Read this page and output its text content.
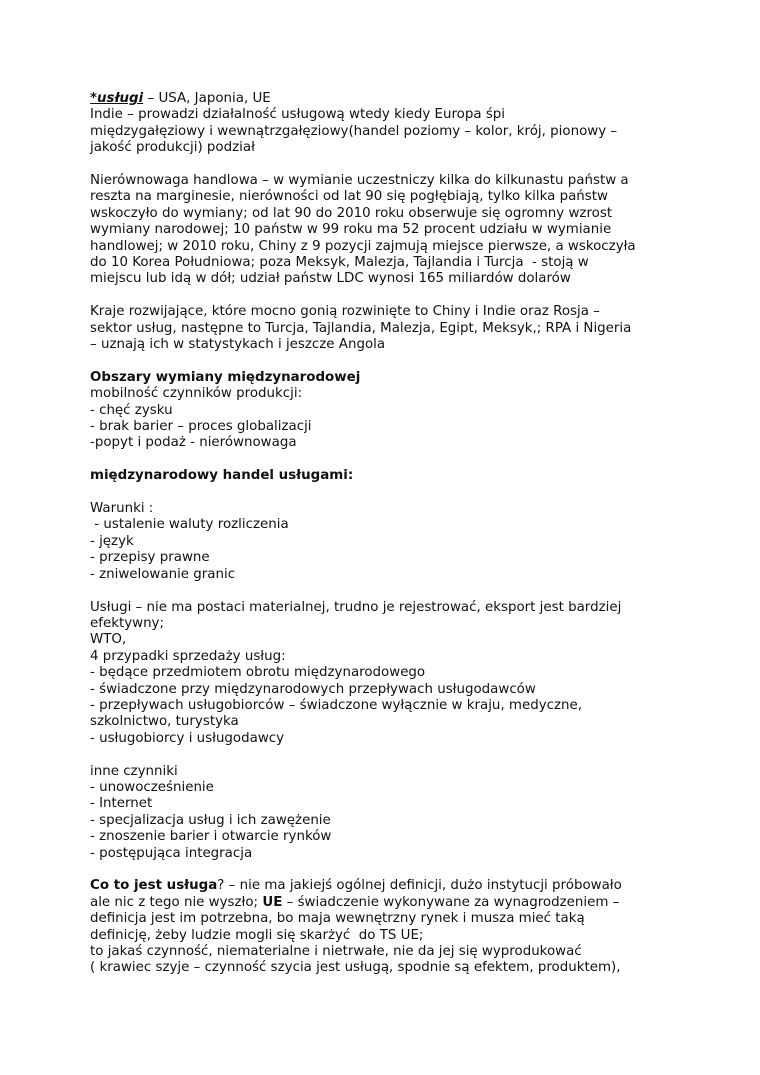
*usługi – USA, Japonia, UE
Indie – prowadzi działalność usługową wtedy kiedy Europa śpi
międzygałęziowy i wewnątrzgałęziowy(handel poziomy – kolor, krój, pionowy –
jakość produkcji) podział
Nierównowaga handlowa – w wymianie uczestniczy kilka do kilkunastu państw a
reszta na marginesie, nierówności od lat 90 się pogłębiają, tylko kilka państw
wskoczyło do wymiany; od lat 90 do 2010 roku obserwuje się ogromny wzrost
wymiany narodowej; 10 państw w 99 roku ma 52 procent udziału w wymianie
handlowej; w 2010 roku, Chiny z 9 pozycji zajmują miejsce pierwsze, a wskoczyła
do 10 Korea Południowa; poza Meksyk, Malezja, Tajlandia i Turcja  - stoją w
miejscu lub idą w dół; udział państw LDC wynosi 165 miliardów dolarów
Kraje rozwijające, które mocno gonią rozwinięte to Chiny i Indie oraz Rosja –
sektor usług, następne to Turcja, Tajlandia, Malezja, Egipt, Meksyk,; RPA i Nigeria
– uznają ich w statystykach i jeszcze Angola
Obszary wymiany międzynarodowej
mobilność czynników produkcji:
- chęć zysku
- brak barier – proces globalizacji
-popyt i podaż - nierównowaga
międzynarodowy handel usługami:
Warunki :
- ustalenie waluty rozliczenia
- język
- przepisy prawne
- zniwelowanie granic
Usługi – nie ma postaci materialnej, trudno je rejestrować, eksport jest bardziej
efektywny;
WTO,
4 przypadki sprzedaży usług:
- będące przedmiotem obrotu międzynarodowego
- świadczone przy międzynarodowych przepływach usługodawców
- przepływach usługobiorców – świadczone wyłącznie w kraju, medyczne,
szkolnictwo, turystyka
- usługobiorcy i usługodawcy
inne czynniki
- unowocześnienie
- Internet
- specjalizacja usług i ich zawężenie
- znoszenie barier i otwarcie rynków
- postępująca integracja
Co to jest usługa? – nie ma jakiejś ogólnej definicji, dużo instytucji próbowało
ale nic z tego nie wyszło; UE – świadczenie wykonywane za wynagrodzeniem –
definicja jest im potrzebna, bo maja wewnętrzny rynek i musza mieć taką
definicję, żeby ludzie mogli się skarżyć  do TS UE;
to jakaś czynność, niematerialne i nietrwałe, nie da jej się wyprodukować
( krawiec szyje – czynność szycia jest usługą, spodnie są efektem, produktem),
